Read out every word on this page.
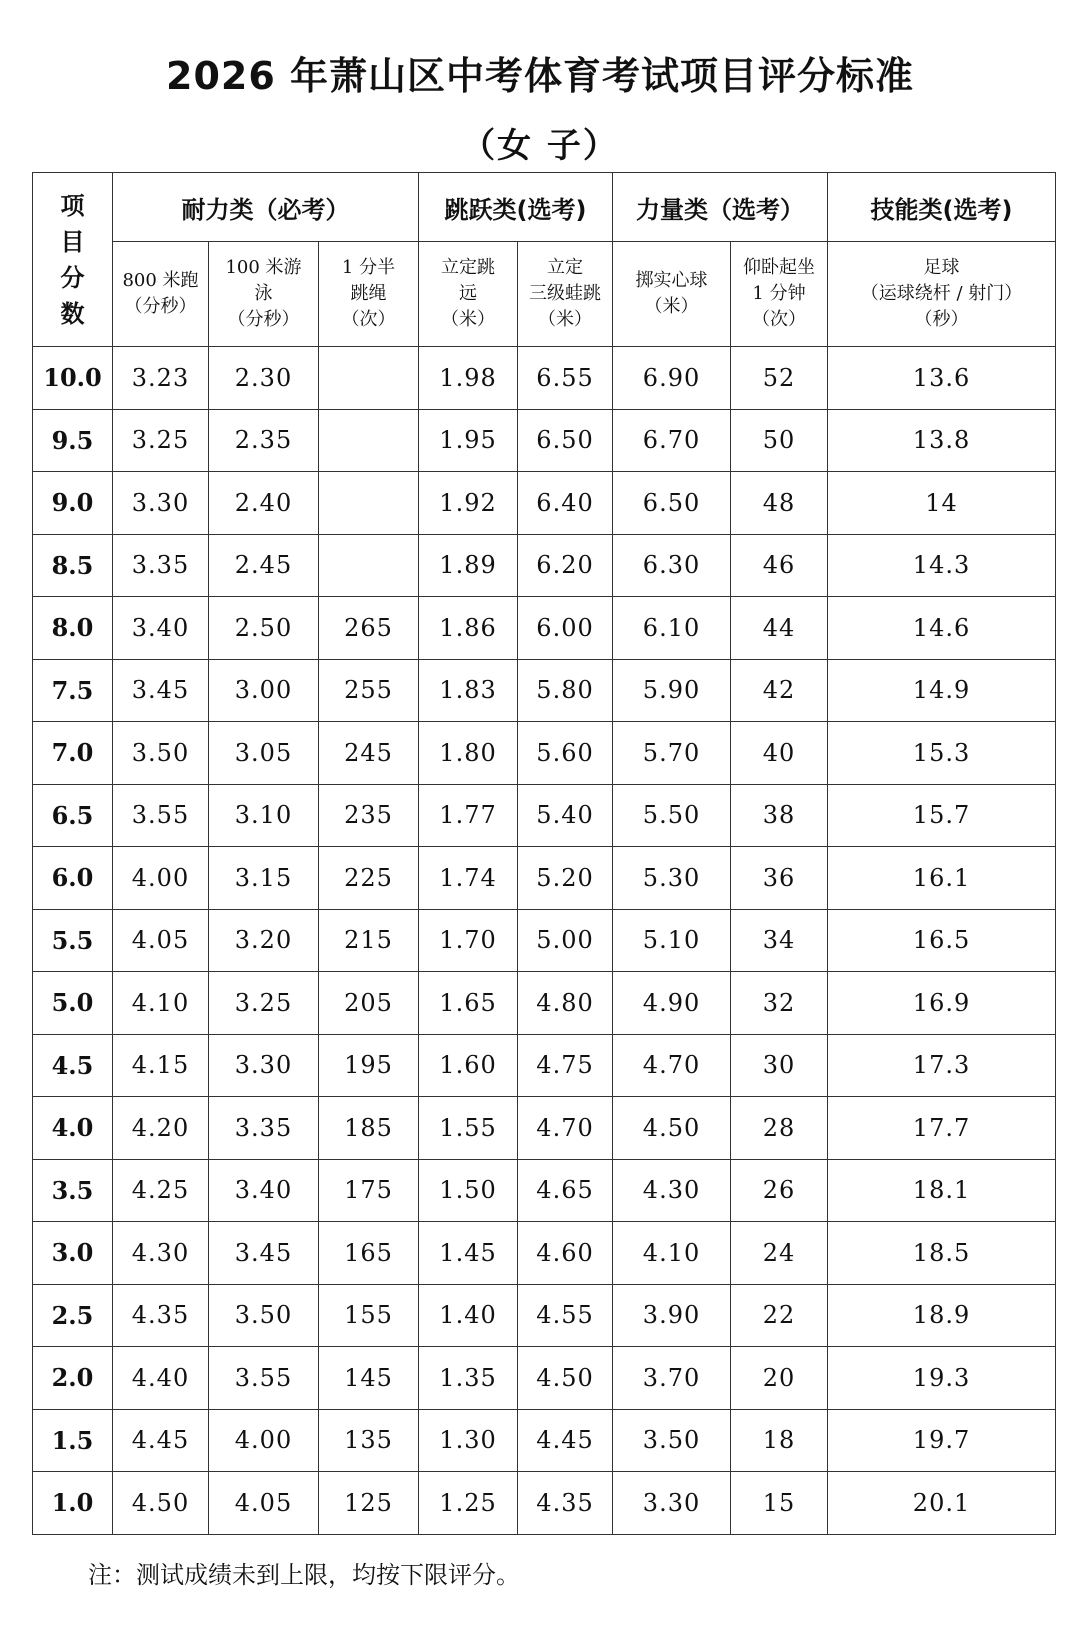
2026 年萧山区中考体育考试项目评分标准
（女 子）
项
目
分
数	耐力类（必考）			跳跃类(选考)		力量类（选考）		技能类(选考)
	800 米跑
（分秒）	100 米游
泳
（分秒）	1 分半
跳绳
（次）	立定跳
远
（米）	立定
三级蛙跳
（米）	掷实心球
（米）	仰卧起坐
1 分钟
（次）	足球
（运球绕杆 / 射门）
（秒）
10.0	3.23	2.30		1.98	6.55	6.90	52	13.6
9.5	3.25	2.35		1.95	6.50	6.70	50	13.8
9.0	3.30	2.40		1.92	6.40	6.50	48	14
8.5	3.35	2.45		1.89	6.20	6.30	46	14.3
8.0	3.40	2.50	265	1.86	6.00	6.10	44	14.6
7.5	3.45	3.00	255	1.83	5.80	5.90	42	14.9
7.0	3.50	3.05	245	1.80	5.60	5.70	40	15.3
6.5	3.55	3.10	235	1.77	5.40	5.50	38	15.7
6.0	4.00	3.15	225	1.74	5.20	5.30	36	16.1
5.5	4.05	3.20	215	1.70	5.00	5.10	34	16.5
5.0	4.10	3.25	205	1.65	4.80	4.90	32	16.9
4.5	4.15	3.30	195	1.60	4.75	4.70	30	17.3
4.0	4.20	3.35	185	1.55	4.70	4.50	28	17.7
3.5	4.25	3.40	175	1.50	4.65	4.30	26	18.1
3.0	4.30	3.45	165	1.45	4.60	4.10	24	18.5
2.5	4.35	3.50	155	1.40	4.55	3.90	22	18.9
2.0	4.40	3.55	145	1.35	4.50	3.70	20	19.3
1.5	4.45	4.00	135	1.30	4.45	3.50	18	19.7
1.0	4.50	4.05	125	1.25	4.35	3.30	15	20.1
注：测试成绩未到上限，均按下限评分。
